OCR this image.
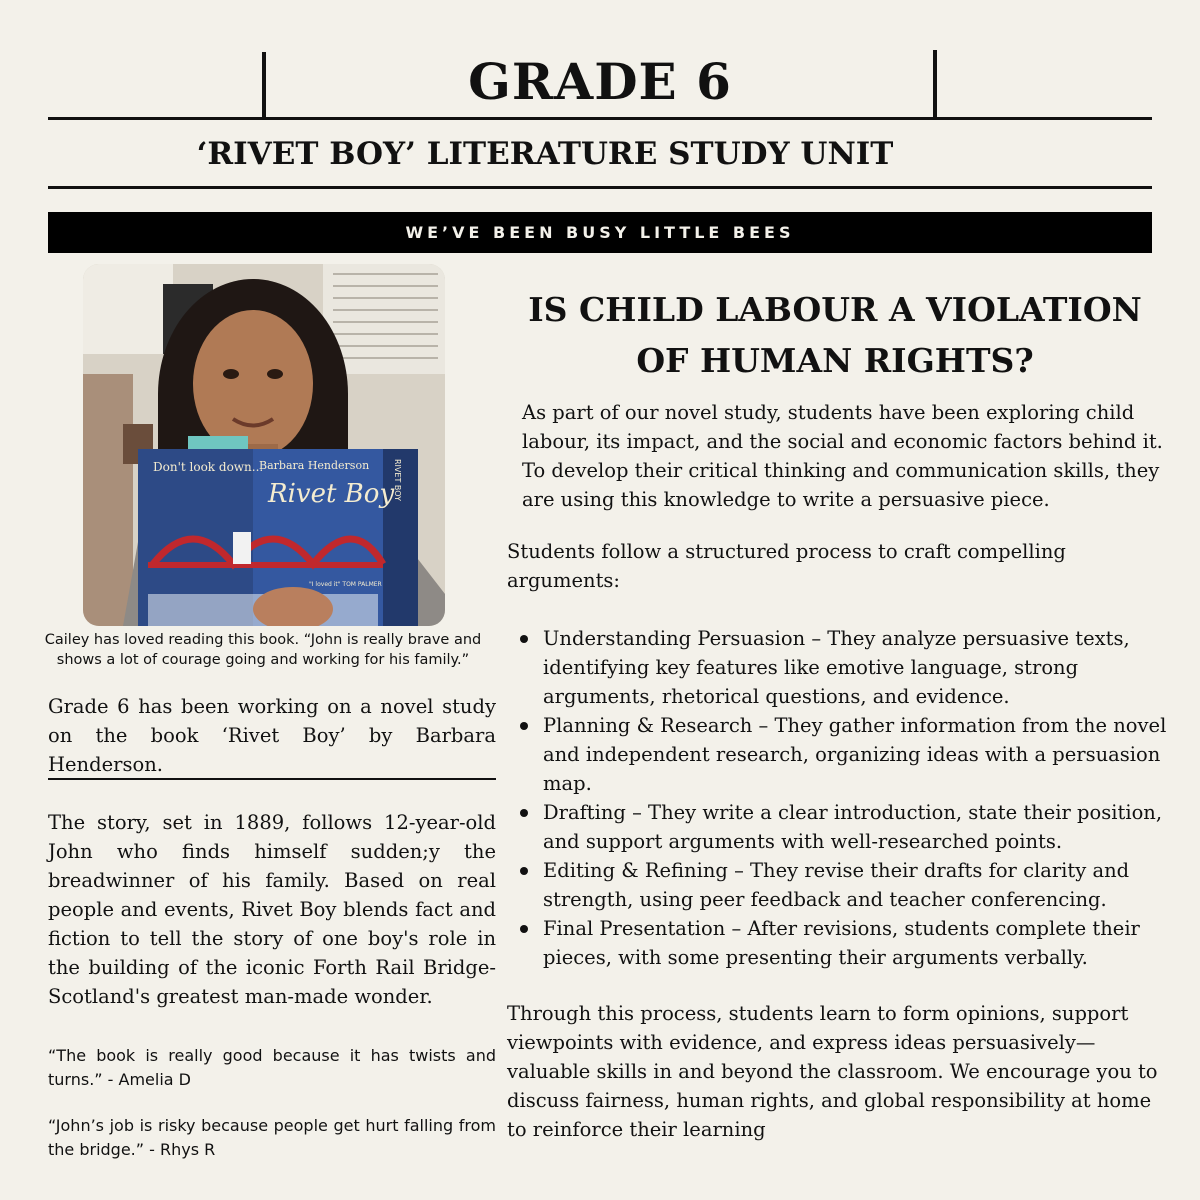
GRADE 6
‘RIVET BOY’ LITERATURE STUDY UNIT
WE’VE BEEN BUSY LITTLE BEES
Don't look down...
Barbara Henderson
Rivet Boy
RIVET BOY
"I loved it" TOM PALMER
Cailey has loved reading this book. “John is really brave and shows a lot of courage going and working for his family.”
Grade 6 has been working on a novel study on the book ‘Rivet Boy’ by Barbara Henderson.
The story, set in 1889, follows 12-year-old John who finds himself sudden;y the breadwinner of his family. Based on real people and events, Rivet Boy blends fact and fiction to tell the story of one boy's role in the building of the iconic Forth Rail Bridge- Scotland's greatest man-made wonder.
“The book is really good because it has twists and turns.” - Amelia D
“John’s job is risky because people get hurt falling from the bridge.” - Rhys R
IS CHILD LABOUR A VIOLATION
OF HUMAN RIGHTS?
As part of our novel study, students have been exploring child labour, its impact, and the social and economic factors behind it. To develop their critical thinking and communication skills, they are using this knowledge to write a persuasive piece.
Students follow a structured process to craft compelling arguments:
Understanding Persuasion – They analyze persuasive texts, identifying key features like emotive language, strong arguments, rhetorical questions, and evidence.
Planning & Research – They gather information from the novel and independent research, organizing ideas with a persuasion map.
Drafting – They write a clear introduction, state their position, and support arguments with well-researched points.
Editing & Refining – They revise their drafts for clarity and strength, using peer feedback and teacher conferencing.
Final Presentation – After revisions, students complete their pieces, with some presenting their arguments verbally.
Through this process, students learn to form opinions, support viewpoints with evidence, and express ideas persuasively—valuable skills in and beyond the classroom. We encourage you to discuss fairness, human rights, and global responsibility at home to reinforce their learning
